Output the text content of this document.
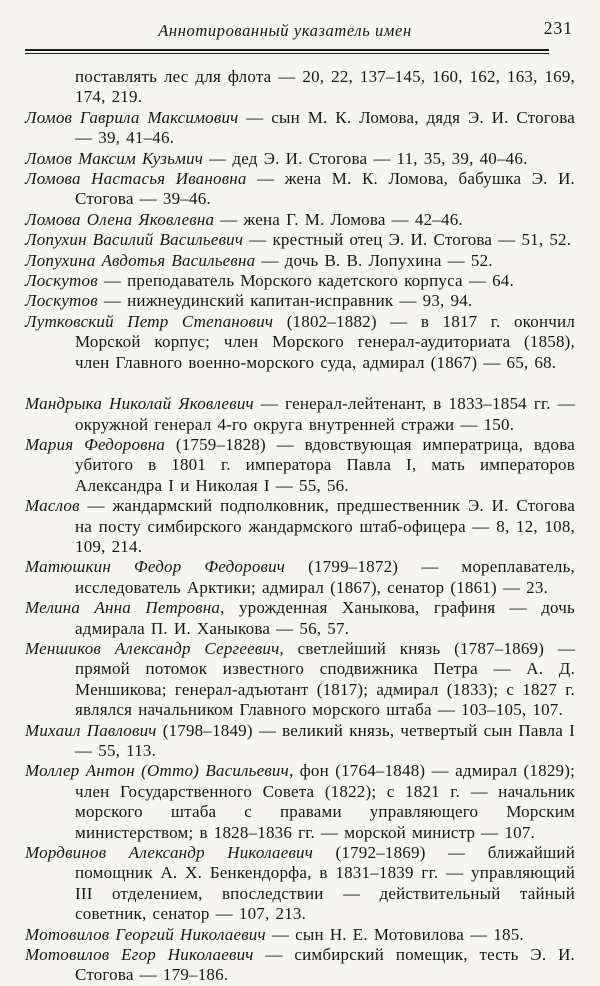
Аннотированный указатель имен	231

поставлять лес для флота — 20, 22, 137–145, 160, 162, 163, 169, 174, 219.

Ломов Гаврила Максимович — сын М. К. Ломова, дядя Э. И. Стогова — 39, 41–46.

Ломов Максим Кузьмич — дед Э. И. Стогова — 11, 35, 39, 40–46.

Ломова Настасья Ивановна — жена М. К. Ломова, бабушка Э. И. Стогова — 39–46.

Ломова Олена Яковлевна — жена Г. М. Ломова — 42–46.

Лопухин Василий Васильевич — крестный отец Э. И. Стогова — 51, 52.

Лопухина Авдотья Васильевна — дочь В. В. Лопухина — 52.

Лоскутов — преподаватель Морского кадетского корпуса — 64.

Лоскутов — нижнеудинский капитан-исправник — 93, 94.

Лутковский Петр Степанович (1802–1882) — в 1817 г. окончил Морской корпус; член Морского генерал-аудиториата (1858), член Главного военно-морского суда, адмирал (1867) — 65, 68.

Мандрыка Николай Яковлевич — генерал-лейтенант, в 1833–1854 гг. — окружной генерал 4-го округа внутренней стражи — 150.

Мария Федоровна (1759–1828) — вдовствующая императрица, вдова убитого в 1801 г. императора Павла I, мать императоров Александра I и Николая I — 55, 56.

Маслов — жандармский подполковник, предшественник Э. И. Стогова на посту симбирского жандармского штаб-офицера — 8, 12, 108, 109, 214.

Матюшкин Федор Федорович (1799–1872) — мореплаватель, исследователь Арктики; адмирал (1867), сенатор (1861) — 23.

Мелина Анна Петровна, урожденная Ханыкова, графиня — дочь адмирала П. И. Ханыкова — 56, 57.

Меншиков Александр Сергеевич, светлейший князь (1787–1869) — прямой потомок известного сподвижника Петра — А. Д. Меншикова; генерал-адъютант (1817); адмирал (1833); с 1827 г. являлся начальником Главного морского штаба — 103–105, 107.

Михаил Павлович (1798–1849) — великий князь, четвертый сын Павла I — 55, 113.

Моллер Антон (Отто) Васильевич, фон (1764–1848) — адмирал (1829); член Государственного Совета (1822); с 1821 г. — начальник морского штаба с правами управляющего Морским министерством; в 1828–1836 гг. — морской министр — 107.

Мордвинов Александр Николаевич (1792–1869) — ближайший помощник А. Х. Бенкендорфа, в 1831–1839 гг. — управляющий III отделением, впоследствии — действительный тайный советник, сенатор — 107, 213.

Мотовилов Георгий Николаевич — сын Н. Е. Мотовилова — 185.

Мотовилов Егор Николаевич — симбирский помещик, тесть Э. И. Стогова — 179–186.
